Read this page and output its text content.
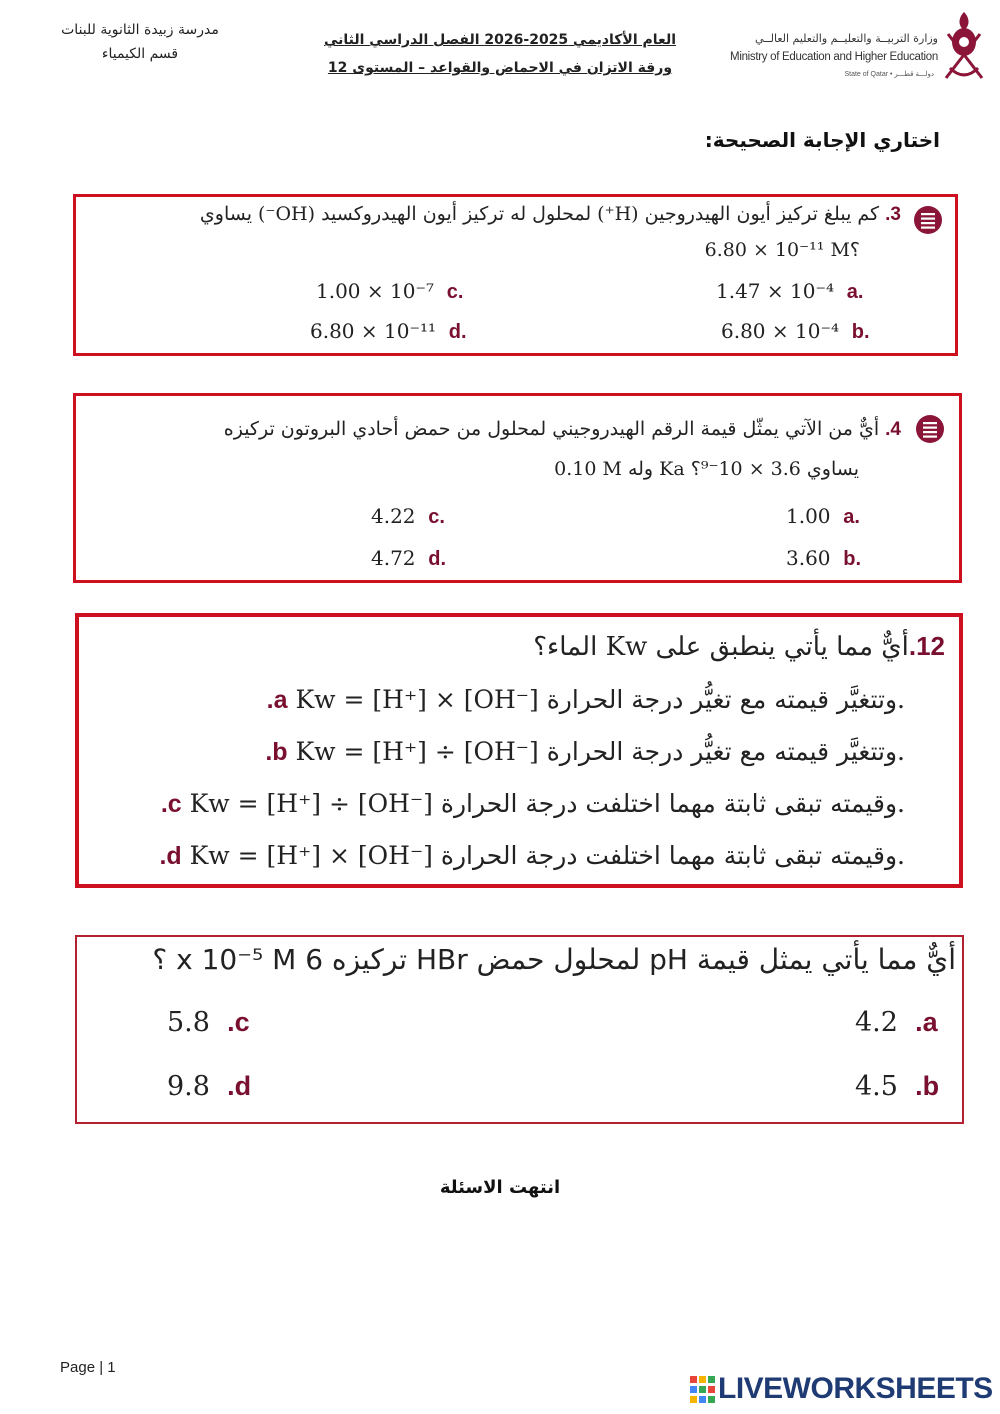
مدرسة زبيدة الثانوية للبنات
قسم الكيمياء
العام الأكاديمي 2025-2026 الفصل الدراسي الثاني
ورقة الاتزان في الاحماض والقواعد – المستوى 12
وزارة التربيــة والتعليــم والتعليم العالــي
Ministry of Education and Higher Education
State of Qatar • دولـــة قطـــر
اختاري الإجابة الصحيحة:
3. كم يبلغ تركيز أيون الهيدروجين (H⁺) لمحلول له تركيز أيون الهيدروكسيد (OH⁻) يساوي
6.80 × 10⁻¹¹ M؟
1.47 × 10⁻⁴ a.
6.80 × 10⁻⁴ b.
1.00 × 10⁻⁷ c.
6.80 × 10⁻¹¹ d.
4. أيٌّ من الآتي يمثّل قيمة الرقم الهيدروجيني لمحلول من حمض أحادي البروتون تركيزه
0.10 M وله Ka يساوي 3.6 × 10⁻⁹؟
1.00 a.
3.60 b.
4.22 c.
4.72 d.
12.أيٌّ مما يأتي ينطبق على Kw الماء؟
.a Kw = [H⁺] × [OH⁻] وتتغيَّر قيمته مع تغيُّر درجة الحرارة.
.b Kw = [H⁺] ÷ [OH⁻] وتتغيَّر قيمته مع تغيُّر درجة الحرارة.
.c Kw = [H⁺] ÷ [OH⁻] وقيمته تبقى ثابتة مهما اختلفت درجة الحرارة.
.d Kw = [H⁺] × [OH⁻] وقيمته تبقى ثابتة مهما اختلفت درجة الحرارة.
أيٌّ مما يأتي يمثل قيمة pH لمحلول حمض HBr تركيزه 6 x 10⁻⁵ M ؟
4.2 .a
4.5 .b
5.8 .c
9.8 .d
انتهت الاسئلة
Page | 1
LIVEWORKSHEETS
